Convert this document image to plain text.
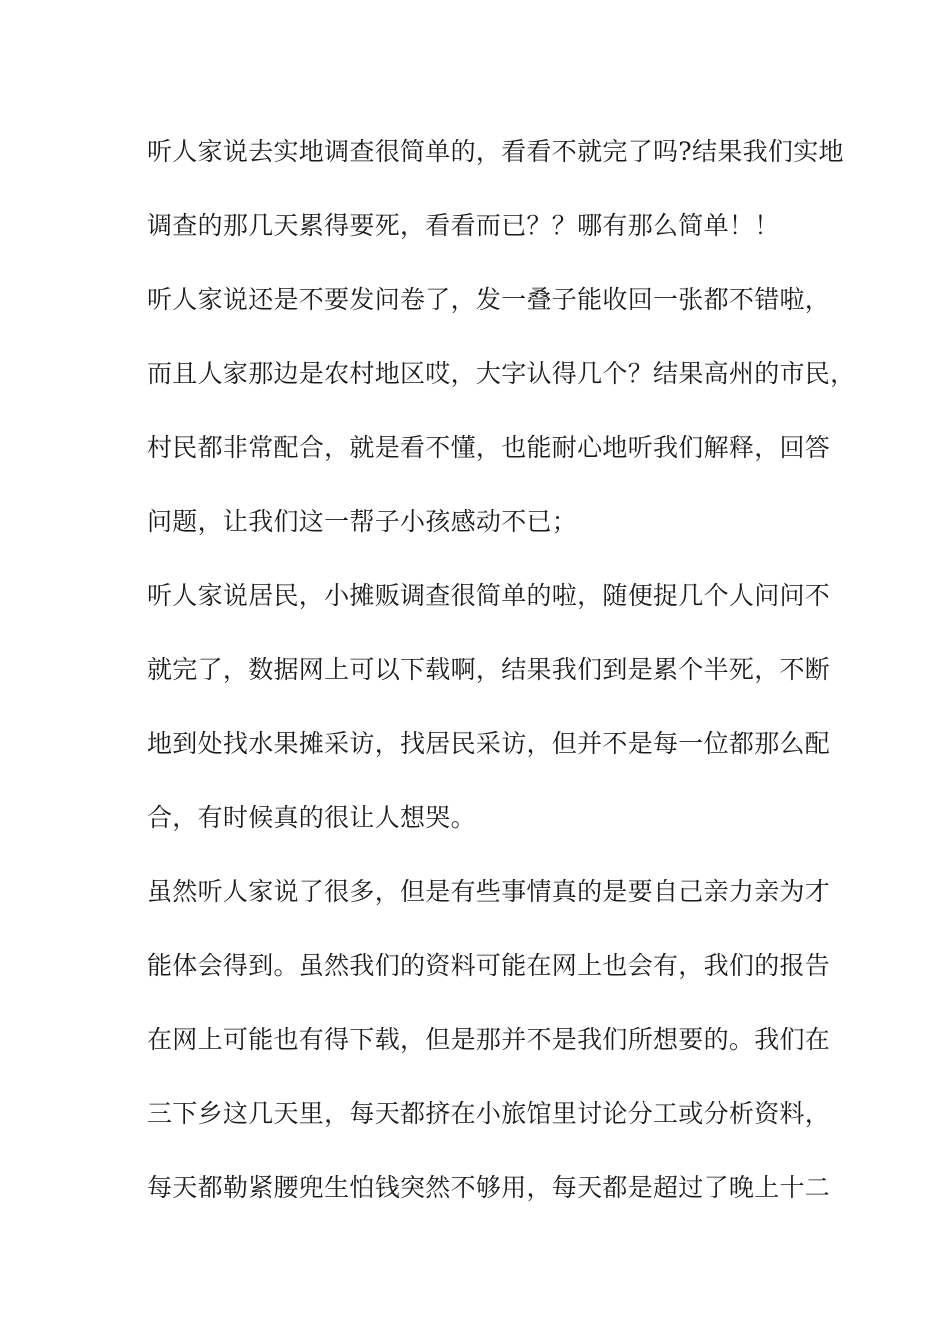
听人家说去实地调查很简单的，看看不就完了吗?结果我们实地

调查的那几天累得要死，看看而已？？哪有那么简单！！

听人家说还是不要发问卷了，发一叠子能收回一张都不错啦，

而且人家那边是农村地区哎，大字认得几个？结果高州的市民，

村民都非常配合，就是看不懂，也能耐心地听我们解释，回答

问题，让我们这一帮子小孩感动不已；

听人家说居民，小摊贩调查很简单的啦，随便捉几个人问问不

就完了，数据网上可以下载啊，结果我们到是累个半死，不断

地到处找水果摊采访，找居民采访，但并不是每一位都那么配

合，有时候真的很让人想哭。

虽然听人家说了很多，但是有些事情真的是要自己亲力亲为才

能体会得到。虽然我们的资料可能在网上也会有，我们的报告

在网上可能也有得下载，但是那并不是我们所想要的。我们在

三下乡这几天里，每天都挤在小旅馆里讨论分工或分析资料，

每天都勒紧腰兜生怕钱突然不够用，每天都是超过了晚上十二
